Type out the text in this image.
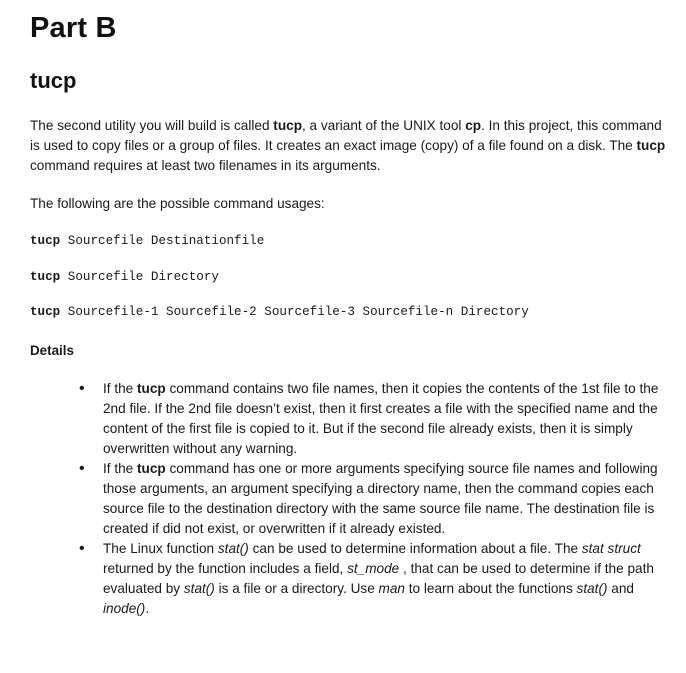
Part B
tucp

The second utility you will build is called tucp, a variant of the UNIX tool cp. In this project, this command is used to copy files or a group of files. It creates an exact image (copy) of a file found on a disk. The tucp command requires at least two filenames in its arguments.

The following are the possible command usages:

tucp Sourcefile Destinationfile
tucp Sourcefile Directory
tucp Sourcefile-1 Sourcefile-2 Sourcefile-3 Sourcefile-n Directory
Details
• If the tucp command contains two file names, then it copies the contents of the 1st file to the 2nd file. If the 2nd file doesn’t exist, then it first creates a file with the specified name and the content of the first file is copied to it. But if the second file already exists, then it is simply overwritten without any warning.
• If the tucp command has one or more arguments specifying source file names and following those arguments, an argument specifying a directory name, then the command copies each source file to the destination directory with the same source file name. The destination file is created if did not exist, or overwritten if it already existed.
• The Linux function stat() can be used to determine information about a file. The stat struct returned by the function includes a field, st_mode , that can be used to determine if the path evaluated by stat() is a file or a directory. Use man to learn about the functions stat() and inode().
